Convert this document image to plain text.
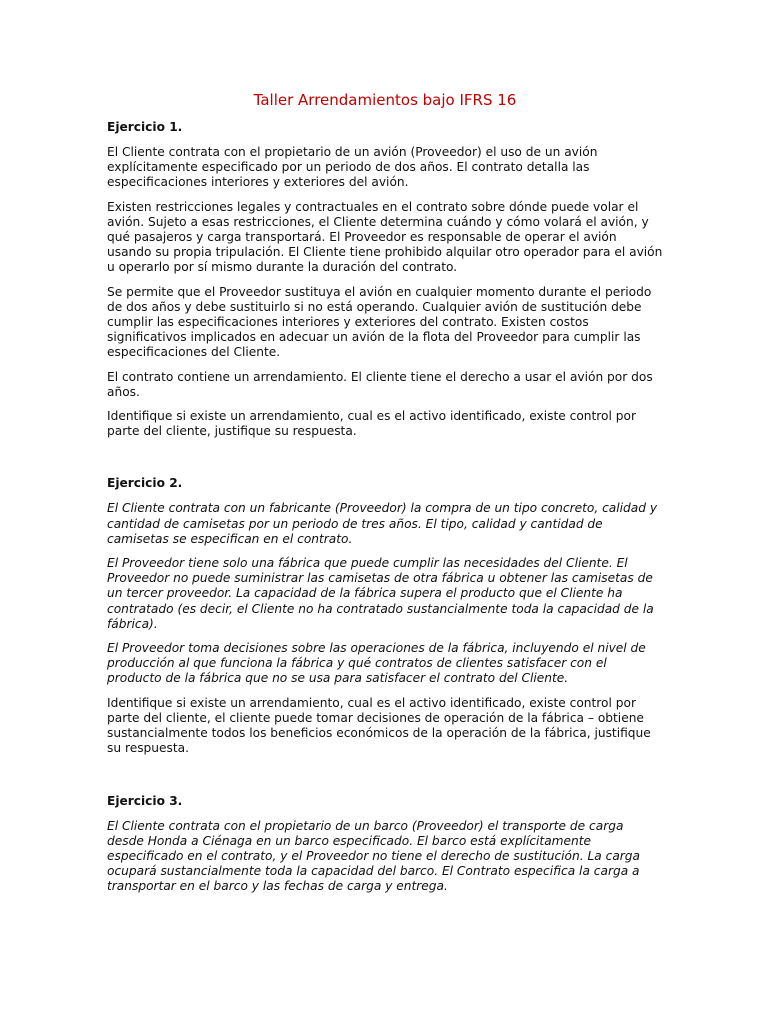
Taller Arrendamientos bajo IFRS 16
Ejercicio 1.

El Cliente contrata con el propietario de un avión (Proveedor) el uso de un avión explícitamente especificado por un periodo de dos años. El contrato detalla las especificaciones interiores y exteriores del avión.

Existen restricciones legales y contractuales en el contrato sobre dónde puede volar el avión. Sujeto a esas restricciones, el Cliente determina cuándo y cómo volará el avión, y qué pasajeros y carga transportará. El Proveedor es responsable de operar el avión usando su propia tripulación. El Cliente tiene prohibido alquilar otro operador para el avión u operarlo por sí mismo durante la duración del contrato.

Se permite que el Proveedor sustituya el avión en cualquier momento durante el periodo de dos años y debe sustituirlo si no está operando. Cualquier avión de sustitución debe cumplir las especificaciones interiores y exteriores del contrato. Existen costos significativos implicados en adecuar un avión de la flota del Proveedor para cumplir las especificaciones del Cliente.

El contrato contiene un arrendamiento. El cliente tiene el derecho a usar el avión por dos años.

Identifique si existe un arrendamiento, cual es el activo identificado, existe control por parte del cliente, justifique su respuesta.

Ejercicio 2.

El Cliente contrata con un fabricante (Proveedor) la compra de un tipo concreto, calidad y cantidad de camisetas por un periodo de tres años. El tipo, calidad y cantidad de camisetas se especifican en el contrato.

El Proveedor tiene solo una fábrica que puede cumplir las necesidades del Cliente. El Proveedor no puede suministrar las camisetas de otra fábrica u obtener las camisetas de un tercer proveedor. La capacidad de la fábrica supera el producto que el Cliente ha contratado (es decir, el Cliente no ha contratado sustancialmente toda la capacidad de la fábrica).

El Proveedor toma decisiones sobre las operaciones de la fábrica, incluyendo el nivel de producción al que funciona la fábrica y qué contratos de clientes satisfacer con el producto de la fábrica que no se usa para satisfacer el contrato del Cliente.

Identifique si existe un arrendamiento, cual es el activo identificado, existe control por parte del cliente, el cliente puede tomar decisiones de operación de la fábrica – obtiene sustancialmente todos los beneficios económicos de la operación de la fábrica, justifique su respuesta.

Ejercicio 3.

El Cliente contrata con el propietario de un barco (Proveedor) el transporte de carga desde Honda a Ciénaga en un barco especificado. El barco está explícitamente especificado en el contrato, y el Proveedor no tiene el derecho de sustitución. La carga ocupará sustancialmente toda la capacidad del barco. El Contrato especifica la carga a transportar en el barco y las fechas de carga y entrega.
